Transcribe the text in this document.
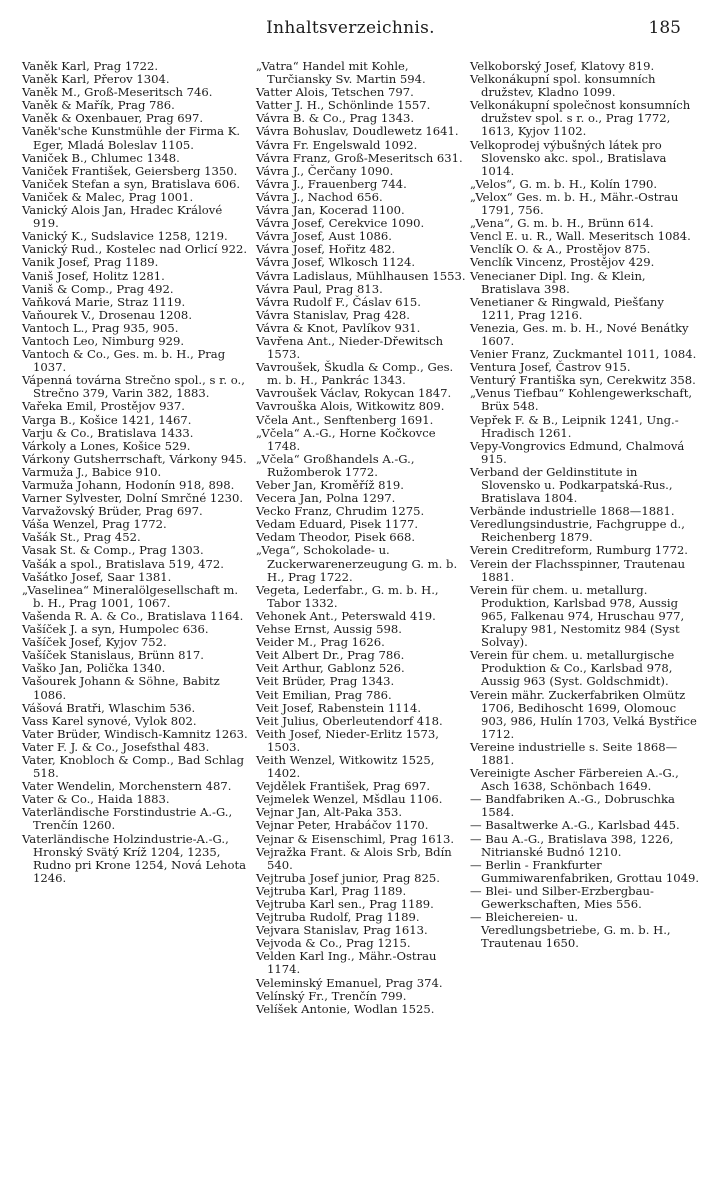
Inhaltsverzeichnis.	185

Vaněk Karl, Prag 1722.

Vaněk Karl, Přerov 1304.

Vaněk M., Groß-Meseritsch 746.

Vaněk & Mařík, Prag 786.

Vaněk & Oxenbauer, Prag 697.

Vaněk'sche Kunstmühle der Firma K. Eger, Mladá Boleslav 1105.

Vaniček B., Chlumec 1348.

Vaniček František, Geiersberg 1350.

Vaniček Stefan a syn, Bratislava 606.

Vaniček & Malec, Prag 1001.

Vanický Alois Jan, Hradec Králové 919.

Vanický K., Sudslavice 1258, 1219.

Vanický Rud., Kostelec nad Orlicí 922.

Vanik Josef, Prag 1189.

Vaniš Josef, Holitz 1281.

Vaniš & Comp., Prag 492.

Vaňková Marie, Straz 1119.

Vaňourek V., Drosenau 1208.

Vantoch L., Prag 935, 905.

Vantoch Leo, Nimburg 929.

Vantoch & Co., Ges. m. b. H., Prag 1037.

Vápenná továrna Strečno spol., s r. o., Strečno 379, Varin 382, 1883.

Vařeka Emil, Prostějov 937.

Varga B., Košice 1421, 1467.

Varju & Co., Bratislava 1433.

Várkoly a Lones, Košice 529.

Várkony Gutsherrschaft, Várkony 945.

Varmuža J., Babice 910.

Varmuža Johann, Hodonín 918, 898.

Varner Sylvester, Dolní Smrčné 1230.

Varvažovský Brüder, Prag 697.

Váša Wenzel, Prag 1772.

Vašák St., Prag 452.

Vasak St. & Comp., Prag 1303.

Vašák a spol., Bratislava 519, 472.

Vašátko Josef, Saar 1381.

„Vaselinea“ Mineralölgesellschaft m. b. H., Prag 1001, 1067.

Vašenda R. A. & Co., Bratislava 1164.

Vašíček J. a syn, Humpolec 636.

Vašíček Josef, Kyjov 752.

Vašíček Stanislaus, Brünn 817.

Vaško Jan, Polička 1340.

Vašourek Johann & Söhne, Babitz 1086.

Vášová Bratři, Wlaschim 536.

Vass Karel synové, Vylok 802.

Vater Brüder, Windisch-Kamnitz 1263.

Vater F. J. & Co., Josefsthal 483.

Vater, Knobloch & Comp., Bad Schlag 518.

Vater Wendelin, Morchenstern 487.

Vater & Co., Haida 1883.

Vaterländische Forstindustrie A.-G., Trenčín 1260.

Vaterländische Holzindustrie-A.-G., Hronský Svätý Kríž 1204, 1235, Rudno pri Krone 1254, Nová Lehota 1246.

„Vatra“ Handel mit Kohle, Turčiansky Sv. Martin 594.

Vatter Alois, Tetschen 797.

Vatter J. H., Schönlinde 1557.

Vávra B. & Co., Prag 1343.

Vávra Bohuslav, Doudlewetz 1641.

Vávra Fr. Engelswald 1092.

Vávra Franz, Groß-Meseritsch 631.

Vávra J., Čerčany 1090.

Vávra J., Frauenberg 744.

Vávra J., Nachod 656.

Vávra Jan, Kocerad 1100.

Vávra Josef, Cerekvice 1090.

Vávra Josef, Aust 1086.

Vávra Josef, Hořitz 482.

Vávra Josef, Wlkosch 1124.

Vávra Ladislaus, Mühlhausen 1553.

Vávra Paul, Prag 813.

Vávra Rudolf F., Čáslav 615.

Vávra Stanislav, Prag 428.

Vávra & Knot, Pavlíkov 931.

Vavřena Ant., Nieder-Dřewitsch 1573.

Vavroušek, Škudla & Comp., Ges. m. b. H., Pankrác 1343.

Vavroušek Václav, Rokycan 1847.

Vavrouška Alois, Witkowitz 809.

Včela Ant., Senftenberg 1691.

„Včela“ A.-G., Horne Kočkovce 1748.

„Včela“ Großhandels A.-G., Ružomberok 1772.

Veber Jan, Kroměříž 819.

Vecera Jan, Polna 1297.

Vecko Franz, Chrudim 1275.

Vedam Eduard, Pisek 1177.

Vedam Theodor, Pisek 668.

„Vega“, Schokolade- u. Zuckerwarenerzeugung G. m. b. H., Prag 1722.

Vegeta, Lederfabr., G. m. b. H., Tabor 1332.

Vehonek Ant., Peterswald 419.

Vehse Ernst, Aussig 598.

Veider M., Prag 1626.

Veit Albert Dr., Prag 786.

Veit Arthur, Gablonz 526.

Veit Brüder, Prag 1343.

Veit Emilian, Prag 786.

Veit Josef, Rabenstein 1114.

Veit Julius, Oberleutendorf 418.

Veith Josef, Nieder-Erlitz 1573, 1503.

Veith Wenzel, Witkowitz 1525, 1402.

Vejdělek František, Prag 697.

Vejmelek Wenzel, Mšdlau 1106.

Vejnar Jan, Alt-Paka 353.

Vejnar Peter, Hrabáčov 1170.

Vejnar & Eisenschiml, Prag 1613.

Vejražka Frant. & Alois Srb, Bdín 540.

Vejtruba Josef junior, Prag 825.

Vejtruba Karl, Prag 1189.

Vejtruba Karl sen., Prag 1189.

Vejtruba Rudolf, Prag 1189.

Vejvara Stanislav, Prag 1613.

Vejvoda & Co., Prag 1215.

Velden Karl Ing., Mähr.-Ostrau 1174.

Veleminský Emanuel, Prag 374.

Velínský Fr., Trenčín 799.

Velíšek Antonie, Wodlan 1525.

Velkoborský Josef, Klatovy 819.

Velkonákupní spol. konsumních družstev, Kladno 1099.

Velkonákupní společnost konsumních družstev spol. s r. o., Prag 1772, 1613, Kyjov 1102.

Velkoprodej výbušných látek pro Slovensko akc. spol., Bratislava 1014.

„Velos“, G. m. b. H., Kolín 1790.

„Velox“ Ges. m. b. H., Mähr.-Ostrau 1791, 756.

„Vena“, G. m. b. H., Brünn 614.

Vencl E. u. R., Wall. Meseritsch 1084.

Venclík O. & A., Prostějov 875.

Venclík Vincenz, Prostějov 429.

Venecianer Dipl. Ing. & Klein, Bratislava 398.

Venetianer & Ringwald, Piešťany 1211, Prag 1216.

Venezia, Ges. m. b. H., Nové Benátky 1607.

Venier Franz, Zuckmantel 1011, 1084.

Ventura Josef, Častrov 915.

Venturý Františka syn, Cerekwitz 358.

„Venus Tiefbau“ Kohlengewerkschaft, Brüx 548.

Vepřek F. & B., Leipnik 1241, Ung.-Hradisch 1261.

Vepy-Vongrovics Edmund, Chalmová 915.

Verband der Geldinstitute in Slovensko u. Podkarpatská-Rus., Bratislava 1804.

Verbände industrielle 1868—1881.

Veredlungsindustrie, Fachgruppe d., Reichenberg 1879.

Verein Creditreform, Rumburg 1772.

Verein der Flachsspinner, Trautenau 1881.

Verein für chem. u. metallurg. Produktion, Karlsbad 978, Aussig 965, Falkenau 974, Hruschau 977, Kralupy 981, Nestomitz 984 (Syst Solvay).

Verein für chem. u. metallurgische Produktion & Co., Karlsbad 978, Aussig 963 (Syst. Goldschmidt).

Verein mähr. Zuckerfabriken Olmütz 1706, Bedihoscht 1699, Olomouc 903, 986, Hulín 1703, Velká Bystřice 1712.

Vereine industrielle s. Seite 1868—1881.

Vereinigte Ascher Färbereien A.-G., Asch 1638, Schönbach 1649.

— Bandfabriken A.-G., Dobruschka 1584.

— Basaltwerke A.-G., Karlsbad 445.

— Bau A.-G., Bratislava 398, 1226, Nitrianské Budnó 1210.

— Berlin - Frankfurter Gummiwarenfabriken, Grottau 1049.

— Blei- und Silber-Erzbergbau-Gewerkschaften, Mies 556.

— Bleichereien- u. Veredlungsbetriebe, G. m. b. H., Trautenau 1650.
